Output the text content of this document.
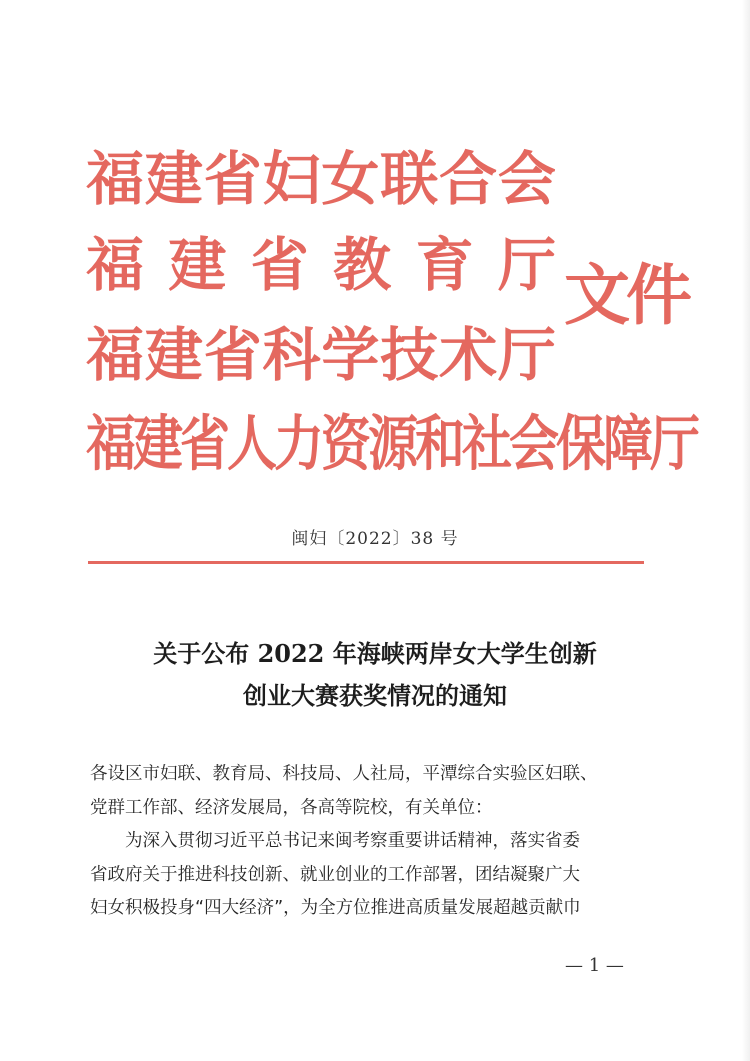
福 建 省 妇 女 联 合 会
福 建 省 教 育 厅
福 建 省 科 学 技 术 厅
福建省人力资源和社会保障厅
文件
闽妇〔2022〕38 号
关于公布 2022 年海峡两岸女大学生创新
创业大赛获奖情况的通知

各设区市妇联、教育局、科技局、人社局，平潭综合实验区妇联、

党群工作部、经济发展局，各高等院校，有关单位：

为深入贯彻习近平总书记来闽考察重要讲话精神，落实省委

省政府关于推进科技创新、就业创业的工作部署，团结凝聚广大

妇女积极投身“四大经济”，为全方位推进高质量发展超越贡献巾

— 1 —
